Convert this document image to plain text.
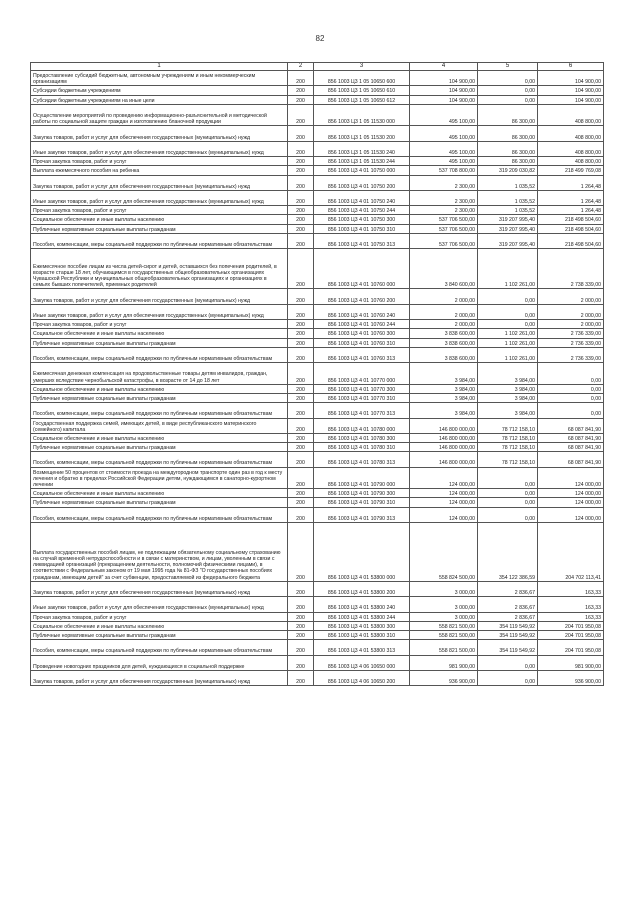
82
1	2	3	4	5	6
Предоставление субсидий бюджетным, автономным учреждениям и иным некоммерческим организациям	200	856 1003 Ц3 1 05 10650 600	104 900,00	0,00	104 900,00
Субсидии бюджетным учреждениям	200	856 1003 Ц3 1 05 10650 610	104 900,00	0,00	104 900,00
Субсидии бюджетным учреждениям на иные цели	200	856 1003 Ц3 1 05 10650 612	104 900,00	0,00	104 900,00
Осуществление мероприятий по проведению информационно-разъяснительной и методической работы по социальной защите граждан и изготовлению бланочной продукции	200	856 1003 Ц3 1 05 11530 000	495 100,00	86 300,00	408 800,00
Закупка товаров, работ и услуг для обеспечения государственных (муниципальных) нужд	200	856 1003 Ц3 1 05 11530 200	495 100,00	86 300,00	408 800,00
Иные закупки товаров, работ и услуг для обеспечения государственных (муниципальных) нужд	200	856 1003 Ц3 1 05 11530 240	495 100,00	86 300,00	408 800,00
Прочая закупка товаров, работ и услуг	200	856 1003 Ц3 1 05 11530 244	495 100,00	86 300,00	408 800,00
Выплата ежемесячного пособия на ребенка	200	856 1003 Ц3 4 01 10750 000	537 708 800,00	319 209 030,82	218 499 769,08
Закупка товаров, работ и услуг для обеспечения государственных (муниципальных) нужд	200	856 1003 Ц3 4 01 10750 200	2 300,00	1 035,52	1 264,48
Иные закупки товаров, работ и услуг для обеспечения государственных (муниципальных) нужд	200	856 1003 Ц3 4 01 10750 240	2 300,00	1 035,52	1 264,48
Прочая закупка товаров, работ и услуг	200	856 1003 Ц3 4 01 10750 244	2 300,00	1 035,52	1 264,48
Социальное обеспечение и иные выплаты населению	200	856 1003 Ц3 4 01 10750 300	537 706 500,00	319 207 995,40	218 498 504,60
Публичные нормативные социальные выплаты гражданам	200	856 1003 Ц3 4 01 10750 310	537 706 500,00	319 207 995,40	218 498 504,60
Пособия, компенсации, меры социальной поддержки по публичным нормативным обязательствам	200	856 1003 Ц3 4 01 10750 313	537 706 500,00	319 207 995,40	218 498 504,60
Ежемесячное пособие лицам из числа детей-сирот и детей, оставшихся без попечения родителей, в возрасте старше 18 лет, обучающимся в государственных общеобразовательных организациях Чувашской Республики и муниципальных общеобразовательных организациях и организациях в семьях бывших попечителей, приемных родителей	200	856 1003 Ц3 4 01 10760 000	3 840 600,00	1 102 261,00	2 738 339,00
Закупка товаров, работ и услуг для обеспечения государственных (муниципальных) нужд	200	856 1003 Ц3 4 01 10760 200	2 000,00	0,00	2 000,00
Иные закупки товаров, работ и услуг для обеспечения государственных (муниципальных) нужд	200	856 1003 Ц3 4 01 10760 240	2 000,00	0,00	2 000,00
Прочая закупка товаров, работ и услуг	200	856 1003 Ц3 4 01 10760 244	2 000,00	0,00	2 000,00
Социальное обеспечение и иные выплаты населению	200	856 1003 Ц3 4 01 10760 300	3 838 600,00	1 102 261,00	2 736 339,00
Публичные нормативные социальные выплаты гражданам	200	856 1003 Ц3 4 01 10760 310	3 838 600,00	1 102 261,00	2 736 339,00
Пособия, компенсации, меры социальной поддержки по публичным нормативным обязательствам	200	856 1003 Ц3 4 01 10760 313	3 838 600,00	1 102 261,00	2 736 339,00
Ежемесячная денежная компенсация на продовольственные товары детям инвалидов, граждан, умерших вследствие чернобыльской катастрофы, в возрасте от 14 до 18 лет	200	856 1003 Ц3 4 01 10770 000	3 984,00	3 984,00	0,00
Социальное обеспечение и иные выплаты населению	200	856 1003 Ц3 4 01 10770 300	3 984,00	3 984,00	0,00
Публичные нормативные социальные выплаты гражданам	200	856 1003 Ц3 4 01 10770 310	3 984,00	3 984,00	0,00
Пособия, компенсации, меры социальной поддержки по публичным нормативным обязательствам	200	856 1003 Ц3 4 01 10770 313	3 984,00	3 984,00	0,00
Государственная поддержка семей, имеющих детей, в виде республиканского материнского (семейного) капитала	200	856 1003 Ц3 4 01 10780 000	146 800 000,00	78 712 158,10	68 087 841,90
Социальное обеспечение и иные выплаты населению	200	856 1003 Ц3 4 01 10780 300	146 800 000,00	78 712 158,10	68 087 841,90
Публичные нормативные социальные выплаты гражданам	200	856 1003 Ц3 4 01 10780 310	146 800 000,00	78 712 158,10	68 087 841,90
Пособия, компенсации, меры социальной поддержки по публичным нормативным обязательствам	200	856 1003 Ц3 4 01 10780 313	146 800 000,00	78 712 158,10	68 087 841,90
Возмещение 50 процентов от стоимости проезда на междугородном транспорте один раз в год к месту лечения и обратно в пределах Российской Федерации детям, нуждающимся в санаторно-курортном лечении	200	856 1003 Ц3 4 01 10790 000	124 000,00	0,00	124 000,00
Социальное обеспечение и иные выплаты населению	200	856 1003 Ц3 4 01 10790 300	124 000,00	0,00	124 000,00
Публичные нормативные социальные выплаты гражданам	200	856 1003 Ц3 4 01 10790 310	124 000,00	0,00	124 000,00
Пособия, компенсации, меры социальной поддержки по публичным нормативным обязательствам	200	856 1003 Ц3 4 01 10790 313	124 000,00	0,00	124 000,00
Выплата государственных пособий лицам, не подлежащим обязательному социальному страхованию на случай временной нетрудоспособности и в связи с материнством, и лицам, уволенным в связи с ликвидацией организаций (прекращением деятельности, полномочий физическими лицами), в соответствии с Федеральным законом от 19 мая 1995 года № 81-ФЗ "О государственных пособиях гражданам, имеющим детей" за счет субвенции, предоставляемой из федерального бюджета	200	856 1003 Ц3 4 01 53800 000	558 824 500,00	354 122 386,59	204 702 113,41
Закупка товаров, работ и услуг для обеспечения государственных (муниципальных) нужд	200	856 1003 Ц3 4 01 53800 200	3 000,00	2 836,67	163,33
Иные закупки товаров, работ и услуг для обеспечения государственных (муниципальных) нужд	200	856 1003 Ц3 4 01 53800 240	3 000,00	2 836,67	163,33
Прочая закупка товаров, работ и услуг	200	856 1003 Ц3 4 01 53800 244	3 000,00	2 836,67	163,33
Социальное обеспечение и иные выплаты населению	200	856 1003 Ц3 4 01 53800 300	558 821 500,00	354 119 549,92	204 701 950,08
Публичные нормативные социальные выплаты гражданам	200	856 1003 Ц3 4 01 53800 310	558 821 500,00	354 119 549,92	204 701 950,08
Пособия, компенсации, меры социальной поддержки по публичным нормативным обязательствам	200	856 1003 Ц3 4 01 53800 313	558 821 500,00	354 119 549,92	204 701 950,08
Проведение новогодних праздников для детей, нуждающихся в социальной поддержке	200	856 1003 Ц3 4 06 10650 000	981 900,00	0,00	981 900,00
Закупка товаров, работ и услуг для обеспечения государственных (муниципальных) нужд	200	856 1003 Ц3 4 06 10650 200	936 900,00	0,00	936 900,00
